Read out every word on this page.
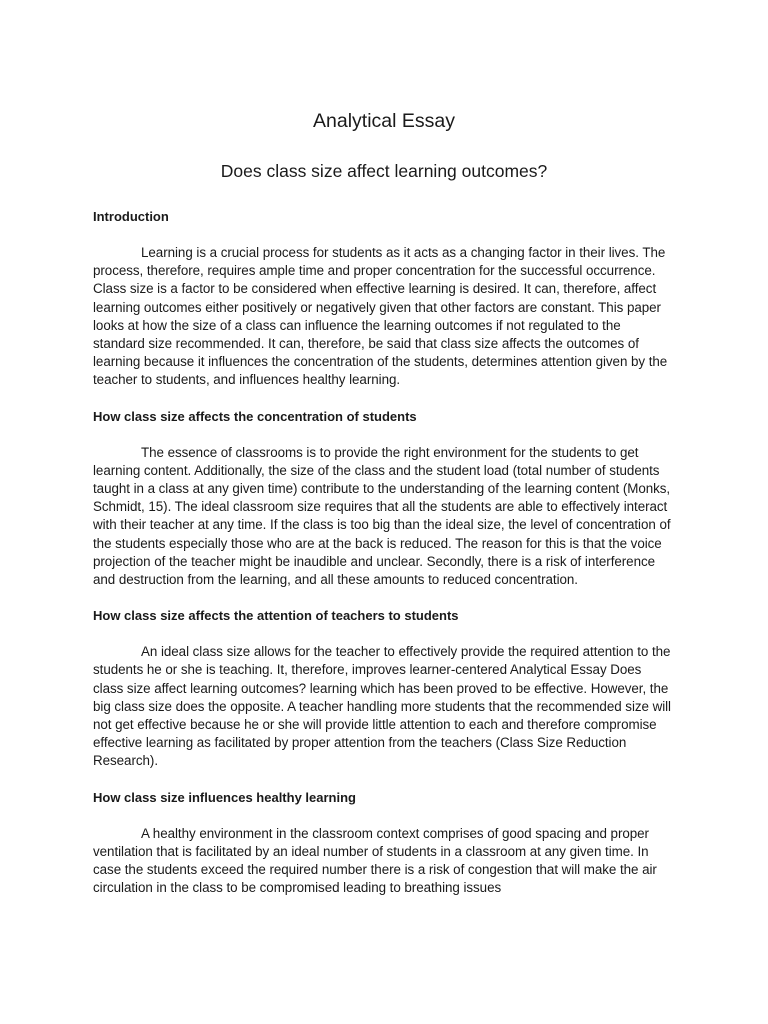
Analytical Essay
Does class size affect learning outcomes?
Introduction

Learning is a crucial process for students as it acts as a changing factor in their lives. The process, therefore, requires ample time and proper concentration for the successful occurrence. Class size is a factor to be considered when effective learning is desired. It can, therefore, affect learning outcomes either positively or negatively given that other factors are constant. This paper looks at how the size of a class can influence the learning outcomes if not regulated to the standard size recommended. It can, therefore, be said that class size affects the outcomes of learning because it influences the concentration of the students, determines attention given by the teacher to students, and influences healthy learning.

How class size affects the concentration of students

The essence of classrooms is to provide the right environment for the students to get learning content. Additionally, the size of the class and the student load (total number of students taught in a class at any given time) contribute to the understanding of the learning content (Monks, Schmidt, 15). The ideal classroom size requires that all the students are able to effectively interact with their teacher at any time. If the class is too big than the ideal size, the level of concentration of the students especially those who are at the back is reduced. The reason for this is that the voice projection of the teacher might be inaudible and unclear. Secondly, there is a risk of interference and destruction from the learning, and all these amounts to reduced concentration.

How class size affects the attention of teachers to students

An ideal class size allows for the teacher to effectively provide the required attention to the students he or she is teaching. It, therefore, improves learner-centered Analytical Essay Does class size affect learning outcomes? learning which has been proved to be effective. However, the big class size does the opposite. A teacher handling more students that the recommended size will not get effective because he or she will provide little attention to each and therefore compromise effective learning as facilitated by proper attention from the teachers (Class Size Reduction Research).

How class size influences healthy learning

A healthy environment in the classroom context comprises of good spacing and proper ventilation that is facilitated by an ideal number of students in a classroom at any given time. In case the students exceed the required number there is a risk of congestion that will make the air circulation in the class to be compromised leading to breathing issues
